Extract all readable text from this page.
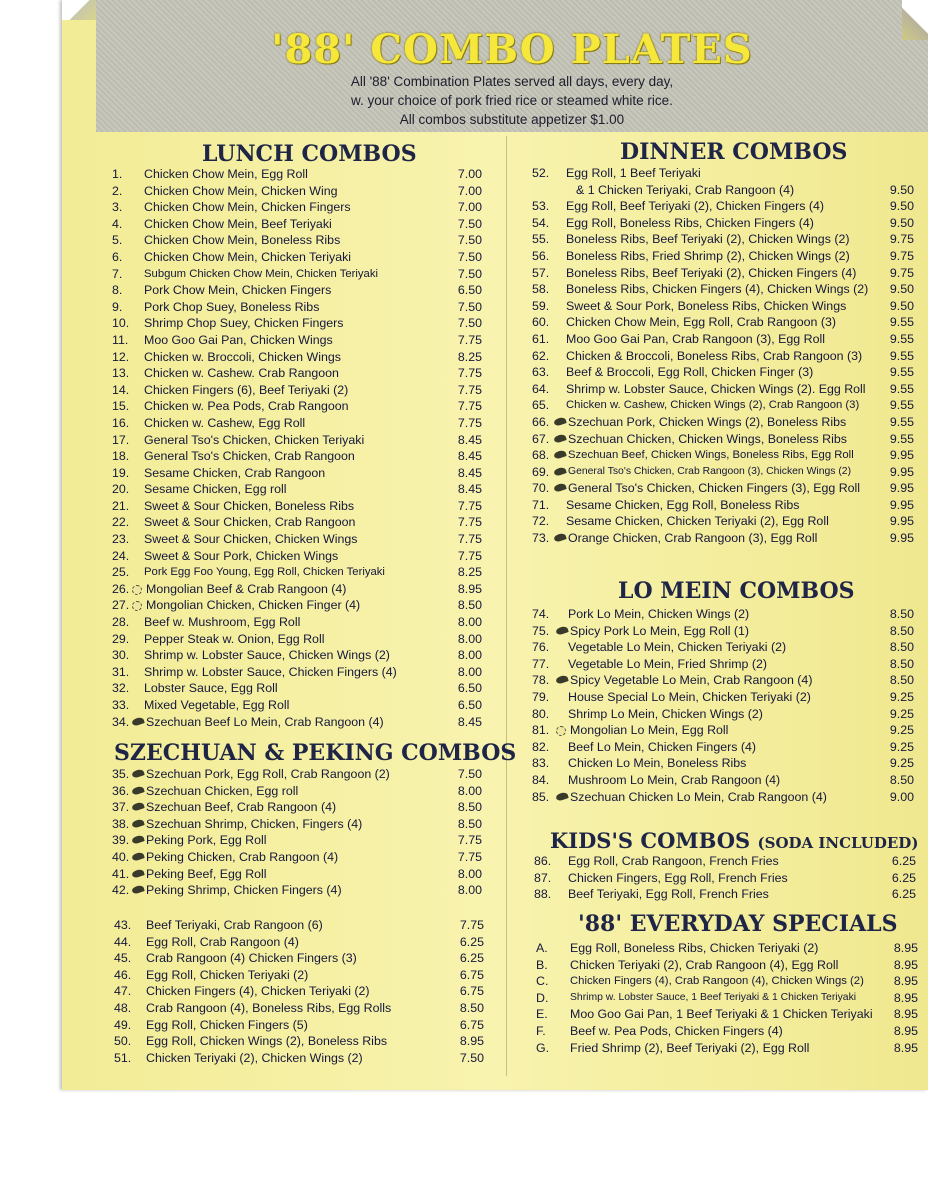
'88' COMBO PLATES
All '88' Combination Plates served all days, every day,
w. your choice of pork fried rice or steamed white rice.
All combos substitute appetizer $1.00
LUNCH COMBOS
1. Chicken Chow Mein, Egg Roll	7.00
2. Chicken Chow Mein, Chicken Wing	7.00
3. Chicken Chow Mein, Chicken Fingers	7.00
4. Chicken Chow Mein, Beef Teriyaki	7.50
5. Chicken Chow Mein, Boneless Ribs	7.50
6. Chicken Chow Mein, Chicken Teriyaki	7.50
7. Subgum Chicken Chow Mein, Chicken Teriyaki	7.50
8. Pork Chow Mein, Chicken Fingers	6.50
9. Pork Chop Suey, Boneless Ribs	7.50
10. Shrimp Chop Suey, Chicken Fingers	7.50
11. Moo Goo Gai Pan, Chicken Wings	7.75
12. Chicken w. Broccoli, Chicken Wings	8.25
13. Chicken w. Cashew. Crab Rangoon	7.75
14. Chicken Fingers (6), Beef Teriyaki (2)	7.75
15. Chicken w. Pea Pods, Crab Rangoon	7.75
16. Chicken w. Cashew, Egg Roll	7.75
17. General Tso's Chicken, Chicken Teriyaki	8.45
18. General Tso's Chicken, Crab Rangoon	8.45
19. Sesame Chicken, Crab Rangoon	8.45
20. Sesame Chicken, Egg roll	8.45
21. Sweet & Sour Chicken, Boneless Ribs	7.75
22. Sweet & Sour Chicken, Crab Rangoon	7.75
23. Sweet & Sour Chicken, Chicken Wings	7.75
24. Sweet & Sour Pork, Chicken Wings	7.75
25. Pork Egg Foo Young, Egg Roll, Chicken Teriyaki	8.25
26. Mongolian Beef & Crab Rangoon (4)	8.95
27. Mongolian Chicken, Chicken Finger (4)	8.50
28. Beef w. Mushroom, Egg Roll	8.00
29. Pepper Steak w. Onion, Egg Roll	8.00
30. Shrimp w. Lobster Sauce, Chicken Wings (2)	8.00
31. Shrimp w. Lobster Sauce, Chicken Fingers (4)	8.00
32. Lobster Sauce, Egg Roll	6.50
33. Mixed Vegetable, Egg Roll	6.50
34. Szechuan Beef Lo Mein, Crab Rangoon (4)	8.45
SZECHUAN & PEKING COMBOS
35. Szechuan Pork, Egg Roll, Crab Rangoon (2)	7.50
36. Szechuan Chicken, Egg roll	8.00
37. Szechuan Beef, Crab Rangoon (4)	8.50
38. Szechuan Shrimp, Chicken, Fingers (4)	8.50
39. Peking Pork, Egg Roll	7.75
40. Peking Chicken, Crab Rangoon (4)	7.75
41. Peking Beef, Egg Roll	8.00
42. Peking Shrimp, Chicken Fingers (4)	8.00
43. Beef Teriyaki, Crab Rangoon (6)	7.75
44. Egg Roll, Crab Rangoon (4)	6.25
45. Crab Rangoon (4) Chicken Fingers (3)	6.25
46. Egg Roll, Chicken Teriyaki (2)	6.75
47. Chicken Fingers (4), Chicken Teriyaki (2)	6.75
48. Crab Rangoon (4), Boneless Ribs, Egg Rolls	8.50
49. Egg Roll, Chicken Fingers (5)	6.75
50. Egg Roll, Chicken Wings (2), Boneless Ribs	8.95
51. Chicken Teriyaki (2), Chicken Wings (2)	7.50
DINNER COMBOS
52. Egg Roll, 1 Beef Teriyaki
& 1 Chicken Teriyaki, Crab Rangoon (4)	9.50
53. Egg Roll, Beef Teriyaki (2), Chicken Fingers (4)	9.50
54. Egg Roll, Boneless Ribs, Chicken Fingers (4)	9.50
55. Boneless Ribs, Beef Teriyaki (2), Chicken Wings (2)	9.75
56. Boneless Ribs, Fried Shrimp (2), Chicken Wings (2)	9.75
57. Boneless Ribs, Beef Teriyaki (2), Chicken Fingers (4)	9.75
58. Boneless Ribs, Chicken Fingers (4), Chicken Wings (2)	9.50
59. Sweet & Sour Pork, Boneless Ribs, Chicken Wings	9.50
60. Chicken Chow Mein, Egg Roll, Crab Rangoon (3)	9.55
61. Moo Goo Gai Pan, Crab Rangoon (3), Egg Roll	9.55
62. Chicken & Broccoli, Boneless Ribs, Crab Rangoon (3)	9.55
63. Beef & Broccoli, Egg Roll, Chicken Finger (3)	9.55
64. Shrimp w. Lobster Sauce, Chicken Wings (2). Egg Roll	9.55
65. Chicken w. Cashew, Chicken Wings (2), Crab Rangoon (3)	9.55
66. Szechuan Pork, Chicken Wings (2), Boneless Ribs	9.55
67. Szechuan Chicken, Chicken Wings, Boneless Ribs	9.55
68. Szechuan Beef, Chicken Wings, Boneless Ribs, Egg Roll	9.95
69. General Tso's Chicken, Crab Rangoon (3), Chicken Wings (2)	9.95
70. General Tso's Chicken, Chicken Fingers (3), Egg Roll	9.95
71. Sesame Chicken, Egg Roll, Boneless Ribs	9.95
72. Sesame Chicken, Chicken Teriyaki (2), Egg Roll	9.95
73. Orange Chicken, Crab Rangoon (3), Egg Roll	9.95
LO MEIN COMBOS
74. Pork Lo Mein, Chicken Wings (2)	8.50
75. Spicy Pork Lo Mein, Egg Roll (1)	8.50
76. Vegetable Lo Mein, Chicken Teriyaki (2)	8.50
77. Vegetable Lo Mein, Fried Shrimp (2)	8.50
78. Spicy Vegetable Lo Mein, Crab Rangoon (4)	8.50
79. House Special Lo Mein, Chicken Teriyaki (2)	9.25
80. Shrimp Lo Mein, Chicken Wings (2)	9.25
81. Mongolian Lo Mein, Egg Roll	9.25
82. Beef Lo Mein, Chicken Fingers (4)	9.25
83. Chicken Lo Mein, Boneless Ribs	9.25
84. Mushroom Lo Mein, Crab Rangoon (4)	8.50
85. Szechuan Chicken Lo Mein, Crab Rangoon (4)	9.00
KIDS'S COMBOS (SODA INCLUDED)
86. Egg Roll, Crab Rangoon, French Fries	6.25
87. Chicken Fingers, Egg Roll, French Fries	6.25
88. Beef Teriyaki, Egg Roll, French Fries	6.25
'88' EVERYDAY SPECIALS
A. Egg Roll, Boneless Ribs, Chicken Teriyaki (2)	8.95
B. Chicken Teriyaki (2), Crab Rangoon (4), Egg Roll	8.95
C. Chicken Fingers (4), Crab Rangoon (4), Chicken Wings (2)	8.95
D. Shrimp w. Lobster Sauce, 1 Beef Teriyaki & 1 Chicken Teriyaki	8.95
E. Moo Goo Gai Pan, 1 Beef Teriyaki & 1 Chicken Teriyaki	8.95
F. Beef w. Pea Pods, Chicken Fingers (4)	8.95
G. Fried Shrimp (2), Beef Teriyaki (2), Egg Roll	8.95
